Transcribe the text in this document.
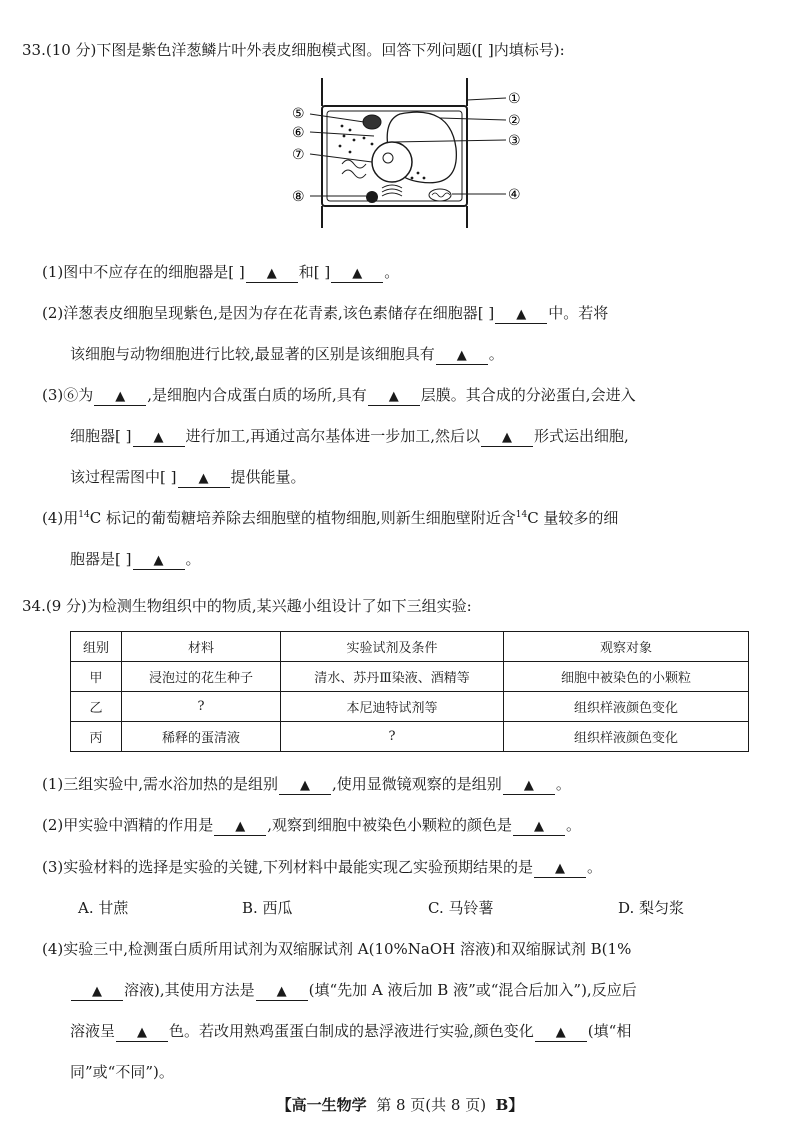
33.(10 分)下图是紫色洋葱鳞片叶外表皮细胞模式图。回答下列问题([ ]内填标号):
⑤
⑥
⑦
⑧
①
②
③
④
(1)图中不应存在的细胞器是[ ] ▲ 和[ ] ▲ 。
(2)洋葱表皮细胞呈现紫色,是因为存在花青素,该色素储存在细胞器[ ] ▲ 中。若将
该细胞与动物细胞进行比较,最显著的区别是该细胞具有 ▲ 。
(3)⑥为 ▲ ,是细胞内合成蛋白质的场所,具有 ▲ 层膜。其合成的分泌蛋白,会进入
细胞器[ ] ▲ 进行加工,再通过高尔基体进一步加工,然后以 ▲ 形式运出细胞,
该过程需图中[ ] ▲ 提供能量。
(4)用$^{14}$C 标记的葡萄糖培养除去细胞壁的植物细胞,则新生细胞壁附近含$^{14}$C 量较多的细
胞器是[ ] ▲ 。
34.(9 分)为检测生物组织中的物质,某兴趣小组设计了如下三组实验:
组别	材料	实验试剂及条件	观察对象
甲	浸泡过的花生种子	清水、苏丹Ⅲ染液、酒精等	细胞中被染色的小颗粒
乙	?	本尼迪特试剂等	组织样液颜色变化
丙	稀释的蛋清液	?	组织样液颜色变化
(1)三组实验中,需水浴加热的是组别 ▲ ,使用显微镜观察的是组别 ▲ 。
(2)甲实验中酒精的作用是 ▲ ,观察到细胞中被染色小颗粒的颜色是 ▲ 。
(3)实验材料的选择是实验的关键,下列材料中最能实现乙实验预期结果的是 ▲ 。
A. 甘蔗	B. 西瓜	C. 马铃薯	D. 梨匀浆
(4)实验三中,检测蛋白质所用试剂为双缩脲试剂 A(10%NaOH 溶液)和双缩脲试剂 B(1%
▲ 溶液),其使用方法是 ▲ (填“先加 A 液后加 B 液”或“混合后加入”),反应后
溶液呈 ▲ 色。若改用熟鸡蛋蛋白制成的悬浮液进行实验,颜色变化 ▲ (填“相
同”或“不同”)。
【高一生物学 第 8 页(共 8 页) B】
